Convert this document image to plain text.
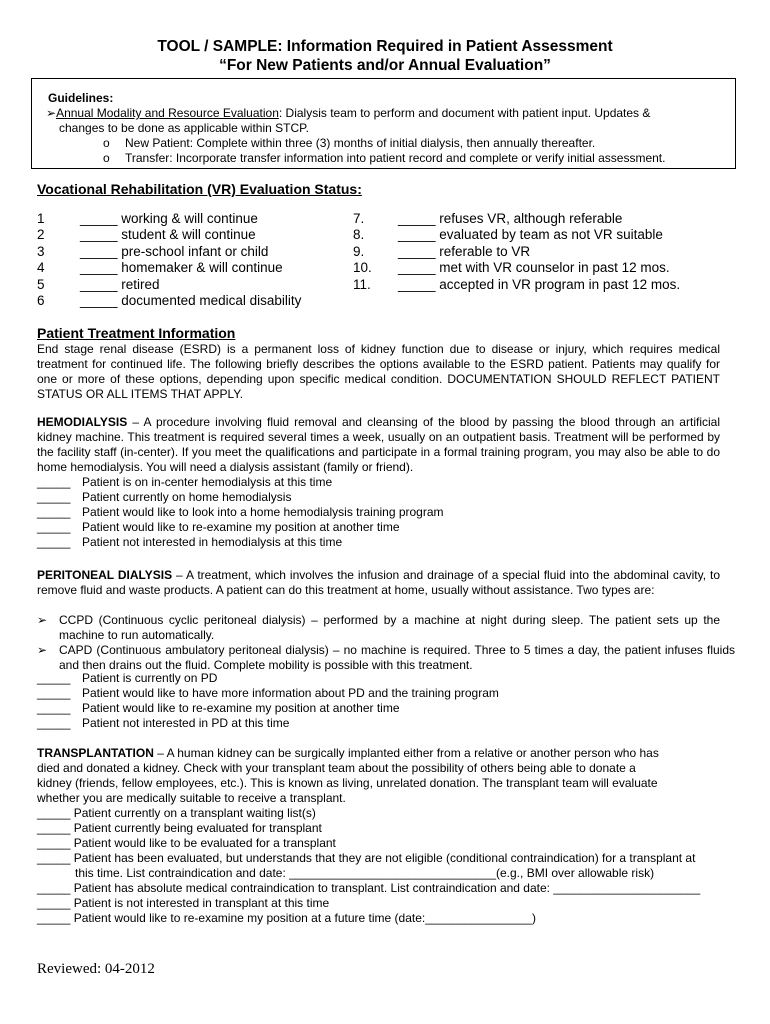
TOOL / SAMPLE: Information Required in Patient Assessment
“For New Patients and/or Annual Evaluation”
Guidelines:
➢Annual Modality and Resource Evaluation: Dialysis team to perform and document with patient input. Updates &
changes to be done as applicable within STCP.
o New Patient: Complete within three (3) months of initial dialysis, then annually thereafter.
o Transfer: Incorporate transfer information into patient record and complete or verify initial assessment.
Vocational Rehabilitation (VR) Evaluation Status:
1	_____ working & will continue
2	_____ student & will continue
3	_____ pre-school infant or child
4	_____ homemaker & will continue
5	_____ retired
6	_____ documented medical disability
7. _____ refuses VR, although referable
8. _____ evaluated by team as not VR suitable
9. _____ referable to VR
10. _____ met with VR counselor in past 12 mos.
11. _____ accepted in VR program in past 12 mos.
Patient Treatment Information
End stage renal disease (ESRD) is a permanent loss of kidney function due to disease or injury, which requires medical treatment for continued life. The following briefly describes the options available to the ESRD patient. Patients may qualify for one or more of these options, depending upon specific medical condition. DOCUMENTATION SHOULD REFLECT PATIENT STATUS OR ALL ITEMS THAT APPLY.
HEMODIALYSIS – A procedure involving fluid removal and cleansing of the blood by passing the blood through an artificial kidney machine. This treatment is required several times a week, usually on an outpatient basis. Treatment will be performed by the facility staff (in-center). If you meet the qualifications and participate in a formal training program, you may also be able to do home hemodialysis. You will need a dialysis assistant (family or friend).
_____ Patient is on in-center hemodialysis at this time
_____ Patient currently on home hemodialysis
_____ Patient would like to look into a home hemodialysis training program
_____ Patient would like to re-examine my position at another time
_____ Patient not interested in hemodialysis at this time
PERITONEAL DIALYSIS – A treatment, which involves the infusion and drainage of a special fluid into the abdominal cavity, to remove fluid and waste products. A patient can do this treatment at home, usually without assistance. Two types are:
➢ CCPD (Continuous cyclic peritoneal dialysis) – performed by a machine at night during sleep. The patient sets up the machine to run automatically.
➢ CAPD (Continuous ambulatory peritoneal dialysis) – no machine is required. Three to 5 times a day, the patient infuses fluids and then drains out the fluid. Complete mobility is possible with this treatment.
_____ Patient is currently on PD
_____ Patient would like to have more information about PD and the training program
_____ Patient would like to re-examine my position at another time
_____ Patient not interested in PD at this time
TRANSPLANTATION – A human kidney can be surgically implanted either from a relative or another person who has
died and donated a kidney. Check with your transplant team about the possibility of others being able to donate a
kidney (friends, fellow employees, etc.). This is known as living, unrelated donation. The transplant team will evaluate
whether you are medically suitable to receive a transplant.
_____ Patient currently on a transplant waiting list(s)
_____ Patient currently being evaluated for transplant
_____ Patient would like to be evaluated for a transplant
_____ Patient has been evaluated, but understands that they are not eligible (conditional contraindication) for a transplant at
this time. List contraindication and date: _______________________________(e.g., BMI over allowable risk)
_____ Patient has absolute medical contraindication to transplant. List contraindication and date: ______________________
_____ Patient is not interested in transplant at this time
_____ Patient would like to re-examine my position at a future time (date:________________)
Reviewed: 04-2012
